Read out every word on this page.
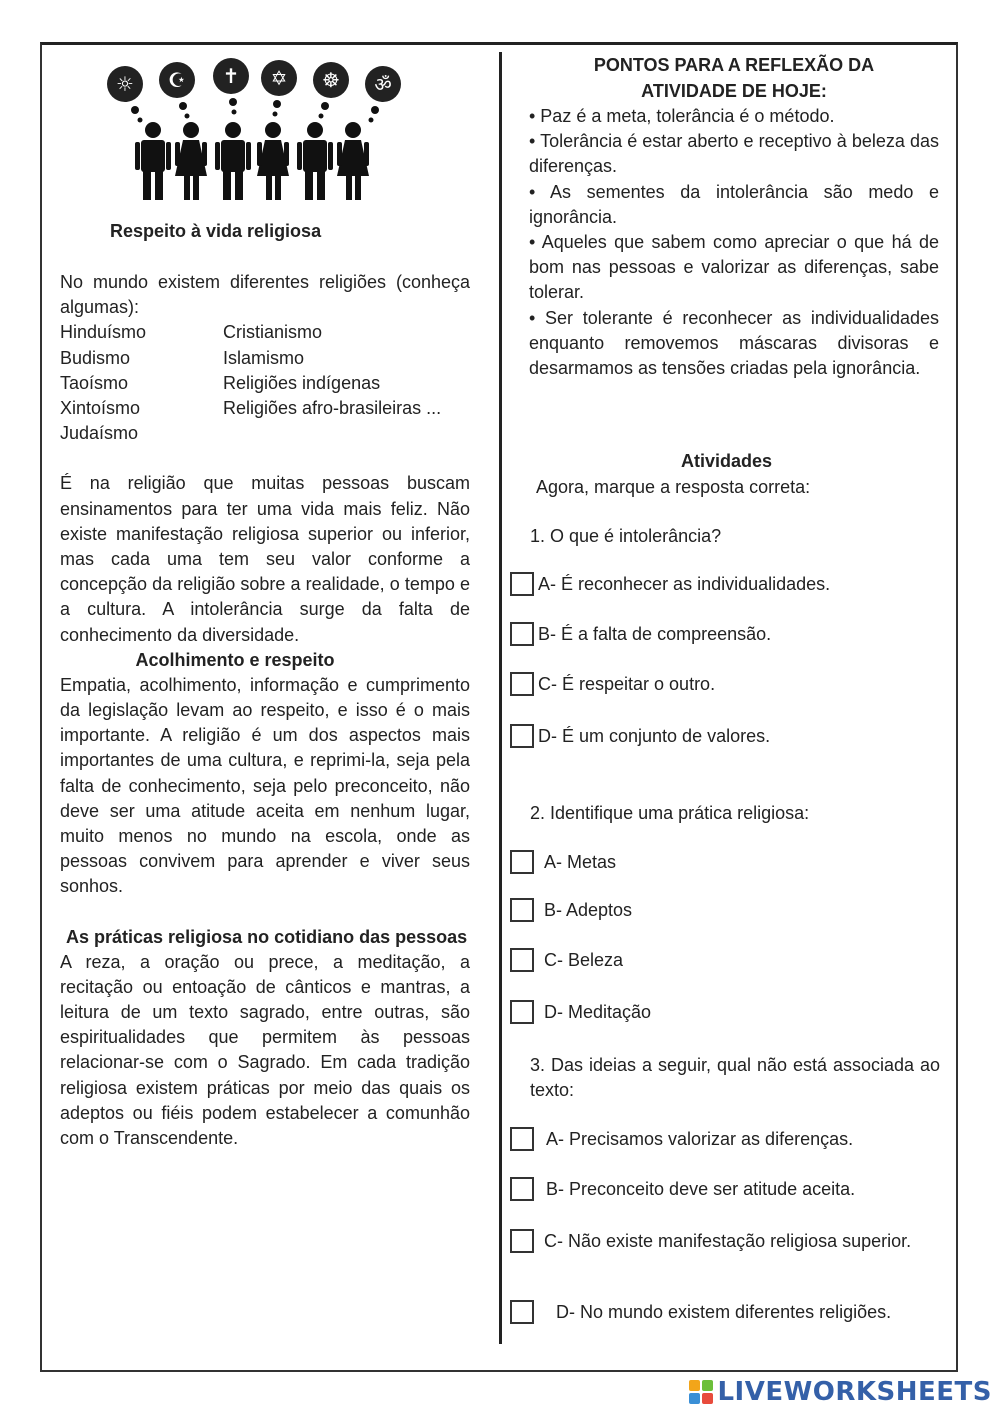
☼ ☪ ✝ ✡ ☸ ॐ

Respeito à vida religiosa

No mundo existem diferentes religiões (conheça algumas):

Hinduísmo	Cristianismo
Budismo	Islamismo
Taoísmo	Religiões indígenas
Xintoísmo	Religiões afro-brasileiras ...
Judaísmo

É na religião que muitas pessoas buscam ensinamentos para ter uma vida mais feliz. Não existe manifestação religiosa superior ou inferior, mas cada uma tem seu valor conforme a concepção da religião sobre a realidade, o tempo e a cultura. A intolerância surge da falta de conhecimento da diversidade.

Acolhimento e respeito

Empatia, acolhimento, informação e cumprimento da legislação levam ao respeito, e isso é o mais importante. A religião é um dos aspectos mais importantes de uma cultura, e reprimi-la, seja pela falta de conhecimento, seja pelo preconceito, não deve ser uma atitude aceita em nenhum lugar, muito menos no mundo na escola, onde as pessoas convivem para aprender e viver seus sonhos.

As práticas religiosa no cotidiano das pessoas

A reza, a oração ou prece, a meditação, a recitação ou entoação de cânticos e mantras, a leitura de um texto sagrado, entre outras, são espiritualidades que permitem às pessoas relacionar-se com o Sagrado. Em cada tradição religiosa existem práticas por meio das quais os adeptos ou fiéis podem estabelecer a comunhão com o Transcendente.

PONTOS PARA A REFLEXÃO DA
ATIVIDADE DE HOJE:

• Paz é a meta, tolerância é o método.

• Tolerância é estar aberto e receptivo à beleza das diferenças.

• As sementes da intolerância são medo e ignorância.

• Aqueles que sabem como apreciar o que há de bom nas pessoas e valorizar as diferenças, sabe tolerar.

• Ser tolerante é reconhecer as individualidades enquanto removemos máscaras divisoras e desarmamos as tensões criadas pela ignorância.

Atividades

Agora, marque a resposta correta:

1. O que é intolerância?

A- É reconhecer as individualidades.
B- É a falta de compreensão.
C- É respeitar o outro.
D- É um conjunto de valores.

2. Identifique uma prática religiosa:

A- Metas
B- Adeptos
C- Beleza
D- Meditação

3. Das ideias a seguir, qual não está associada ao texto:

A- Precisamos valorizar as diferenças.
B- Preconceito deve ser atitude aceita.
C- Não existe manifestação religiosa superior.
D- No mundo existem diferentes religiões.
LIVEWORKSHEETS
